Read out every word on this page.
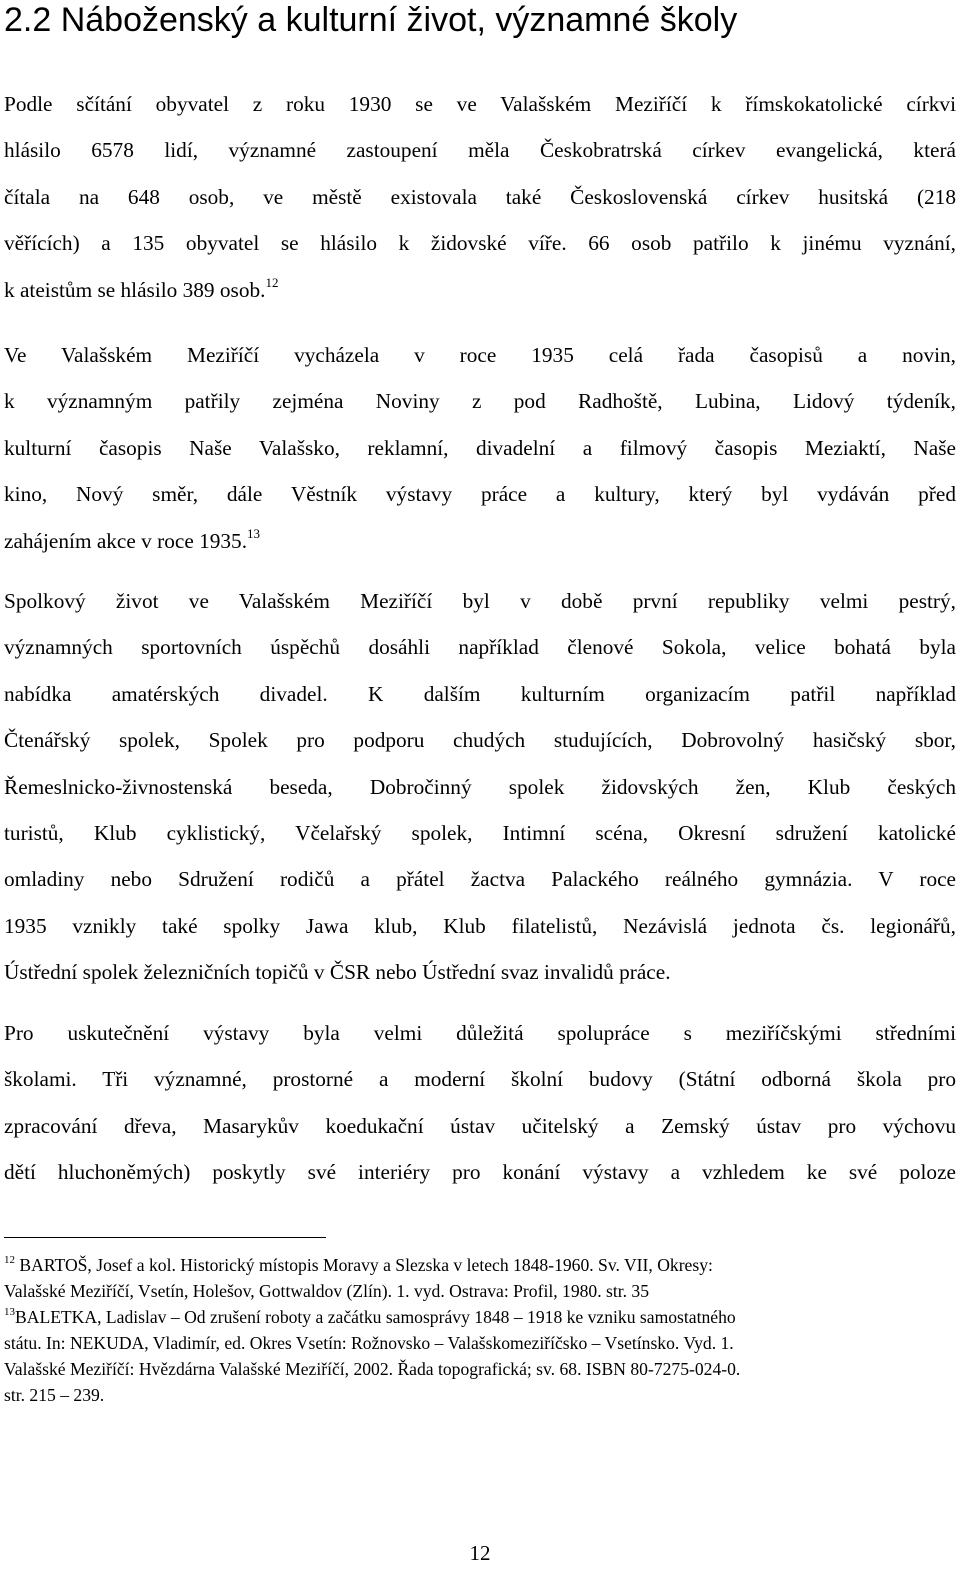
2.2 Náboženský a kulturní život, významné školy

Podle sčítání obyvatel z roku 1930 se ve Valašském Meziříčí k římskokatolické církvi
hlásilo 6578 lidí, významné zastoupení měla Českobratrská církev evangelická, která
čítala na 648 osob, ve městě existovala také Československá církev husitská (218
věřících) a 135 obyvatel se hlásilo k židovské víře. 66 osob patřilo k jinému vyznání,
k ateistům se hlásilo 389 osob.$^{12}$

Ve Valašském Meziříčí vycházela v roce 1935 celá řada časopisů a novin,
k významným patřily zejména Noviny z pod Radhoště, Lubina, Lidový týdeník,
kulturní časopis Naše Valašsko, reklamní, divadelní a filmový časopis Meziaktí, Naše
kino, Nový směr, dále Věstník výstavy práce a kultury, který byl vydáván před
zahájením akce v roce 1935.13

Spolkový život ve Valašském Meziříčí byl v době první republiky velmi pestrý,
významných sportovních úspěchů dosáhli například členové Sokola, velice bohatá byla
nabídka amatérských divadel. K dalším kulturním organizacím patřil například
Čtenářský spolek, Spolek pro podporu chudých studujících, Dobrovolný hasičský sbor,
Řemeslnicko-živnostenská beseda, Dobročinný spolek židovských žen, Klub českých
turistů, Klub cyklistický, Včelařský spolek, Intimní scéna, Okresní sdružení katolické
omladiny nebo Sdružení rodičů a přátel žactva Palackého reálného gymnázia. V roce
1935 vznikly také spolky Jawa klub, Klub filatelistů, Nezávislá jednota čs. legionářů,
Ústřední spolek železničních topičů v ČSR nebo Ústřední svaz invalidů práce.

Pro uskutečnění výstavy byla velmi důležitá spolupráce s meziříčskými středními
školami. Tři významné, prostorné a moderní školní budovy (Státní odborná škola pro
zpracování dřeva, Masarykův koedukační ústav učitelský a Zemský ústav pro výchovu
dětí hluchoněmých) poskytly své interiéry pro konání výstavy a vzhledem ke své poloze

$^{12}$ BARTOŠ, Josef a kol. Historický místopis Moravy a Slezska v letech 1848-1960. Sv. VII, Okresy:
Valašské Meziříčí, Vsetín, Holešov, Gottwaldov (Zlín). 1. vyd. Ostrava: Profil, 1980. str. 35

$^{13}$BALETKA, Ladislav – Od zrušení roboty a začátku samosprávy 1848 – 1918 ke vzniku samostatného
státu. In: NEKUDA, Vladimír, ed. Okres Vsetín: Rožnovsko – Valašskomeziříčsko – Vsetínsko. Vyd. 1.
Valašské Meziříčí: Hvězdárna Valašské Meziříčí, 2002. Řada topografická; sv. 68. ISBN 80-7275-024-0.
str. 215 – 239.

12
